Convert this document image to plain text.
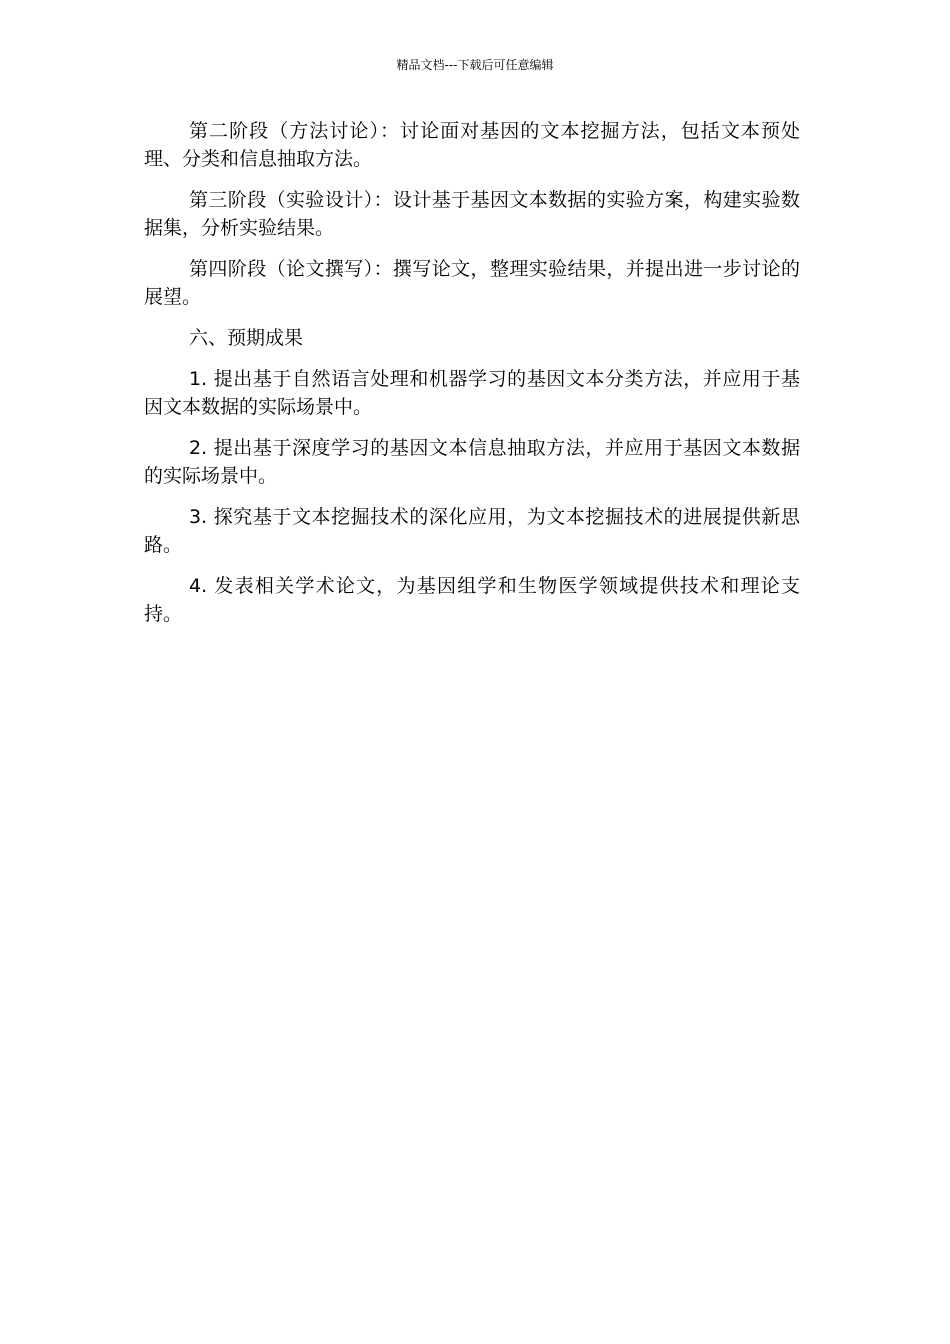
精品文档---下载后可任意编辑

第二阶段（方法讨论）：讨论面对基因的文本挖掘方法，包括文本预处理、分类和信息抽取方法。

第三阶段（实验设计）：设计基于基因文本数据的实验方案，构建实验数据集，分析实验结果。

第四阶段（论文撰写）：撰写论文，整理实验结果，并提出进一步讨论的展望。

六、预期成果

1. 提出基于自然语言处理和机器学习的基因文本分类方法，并应用于基因文本数据的实际场景中。

2. 提出基于深度学习的基因文本信息抽取方法，并应用于基因文本数据的实际场景中。

3. 探究基于文本挖掘技术的深化应用，为文本挖掘技术的进展提供新思路。

4. 发表相关学术论文，为基因组学和生物医学领域提供技术和理论支持。
